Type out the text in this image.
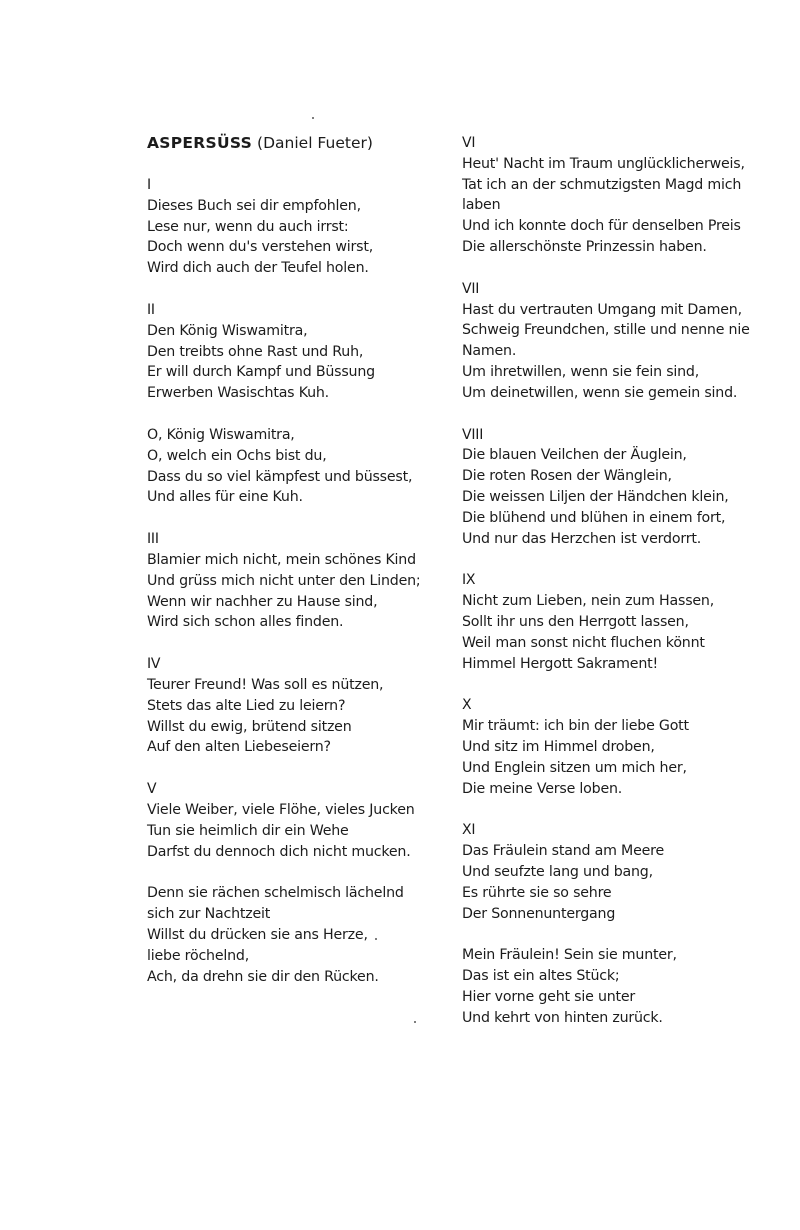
ASPERSÜSS (Daniel Fueter)
I
Dieses Buch sei dir empfohlen,
Lese nur, wenn du auch irrst:
Doch wenn du's verstehen wirst,
Wird dich auch der Teufel holen.
II
Den König Wiswamitra,
Den treibts ohne Rast und Ruh,
Er will durch Kampf und Büssung
Erwerben Wasischtas Kuh.
O, König Wiswamitra,
O, welch ein Ochs bist du,
Dass du so viel kämpfest und büssest,
Und alles für eine Kuh.
III
Blamier mich nicht, mein schönes Kind
Und grüss mich nicht unter den Linden;
Wenn wir nachher zu Hause sind,
Wird sich schon alles finden.
IV
Teurer Freund! Was soll es nützen,
Stets das alte Lied zu leiern?
Willst du ewig, brütend sitzen
Auf den alten Liebeseiern?
V
Viele Weiber, viele Flöhe, vieles Jucken
Tun sie heimlich dir ein Wehe
Darfst du dennoch dich nicht mucken.
Denn sie rächen schelmisch lächelnd
sich zur Nachtzeit
Willst du drücken sie ans Herze,
liebe röchelnd,
Ach, da drehn sie dir den Rücken.
VI
Heut' Nacht im Traum unglücklicherweis,
Tat ich an der schmutzigsten Magd mich
laben
Und ich konnte doch für denselben Preis
Die allerschönste Prinzessin haben.
VII
Hast du vertrauten Umgang mit Damen,
Schweig Freundchen, stille und nenne nie
Namen.
Um ihretwillen, wenn sie fein sind,
Um deinetwillen, wenn sie gemein sind.
VIII
Die blauen Veilchen der Äuglein,
Die roten Rosen der Wänglein,
Die weissen Liljen der Händchen klein,
Die blühend und blühen in einem fort,
Und nur das Herzchen ist verdorrt.
IX
Nicht zum Lieben, nein zum Hassen,
Sollt ihr uns den Herrgott lassen,
Weil man sonst nicht fluchen könnt
Himmel Hergott Sakrament!
X
Mir träumt: ich bin der liebe Gott
Und sitz im Himmel droben,
Und Englein sitzen um mich her,
Die meine Verse loben.
XI
Das Fräulein stand am Meere
Und seufzte lang und bang,
Es rührte sie so sehre
Der Sonnenuntergang
Mein Fräulein! Sein sie munter,
Das ist ein altes Stück;
Hier vorne geht sie unter
Und kehrt von hinten zurück.
